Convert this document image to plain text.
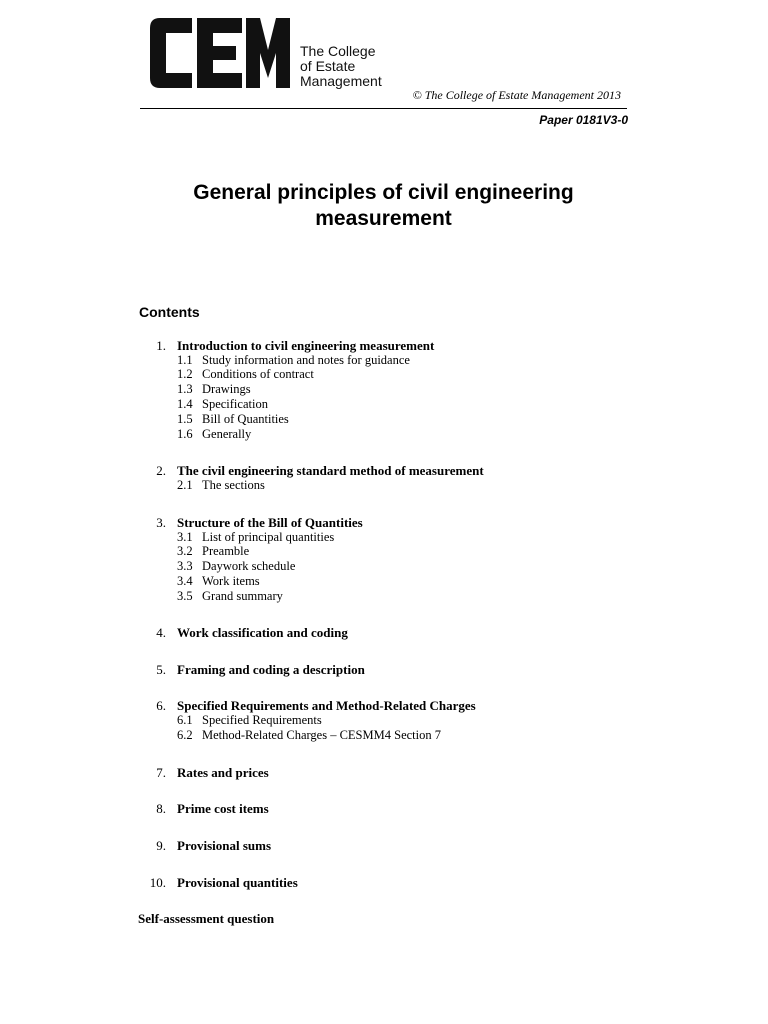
The College
of Estate
Management
© The College of Estate Management 2013
Paper 0181V3-0
General principles of civil engineering measurement
Contents
1. Introduction to civil engineering measurement
1.1 Study information and notes for guidance
1.2 Conditions of contract
1.3 Drawings
1.4 Specification
1.5 Bill of Quantities
1.6 Generally
2. The civil engineering standard method of measurement
2.1 The sections
3. Structure of the Bill of Quantities
3.1 List of principal quantities
3.2 Preamble
3.3 Daywork schedule
3.4 Work items
3.5 Grand summary
4. Work classification and coding
5. Framing and coding a description
6. Specified Requirements and Method-Related Charges
6.1 Specified Requirements
6.2 Method-Related Charges – CESMM4 Section 7
7. Rates and prices
8. Prime cost items
9. Provisional sums
10. Provisional quantities
Self-assessment question
